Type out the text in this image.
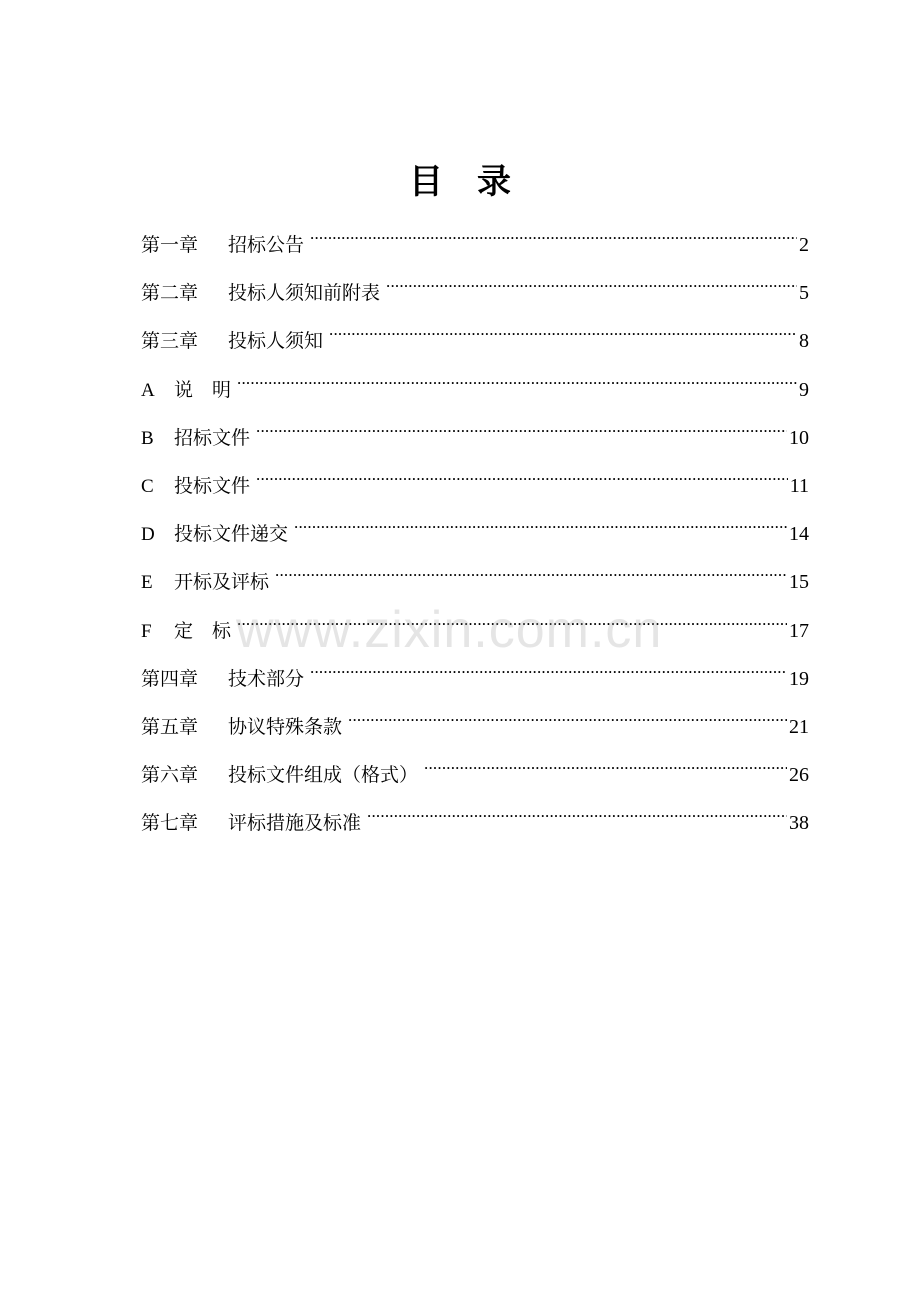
目 录
第一章	招标公告 .....	2
第二章	投标人须知前附表 .....	5
第三章	投标人须知 .....	8
A	说　明 .....	9
B	招标文件 .....	10
C	投标文件 .....	11
D	投标文件递交 .....	14
E	开标及评标 .....	15
F	定　标 .....	17
第四章	技术部分 .....	19
第五章	协议特殊条款 .....	21
第六章	投标文件组成（格式） .....	26
第七章	评标措施及标准 .....	38
www.zixin.com.cn
